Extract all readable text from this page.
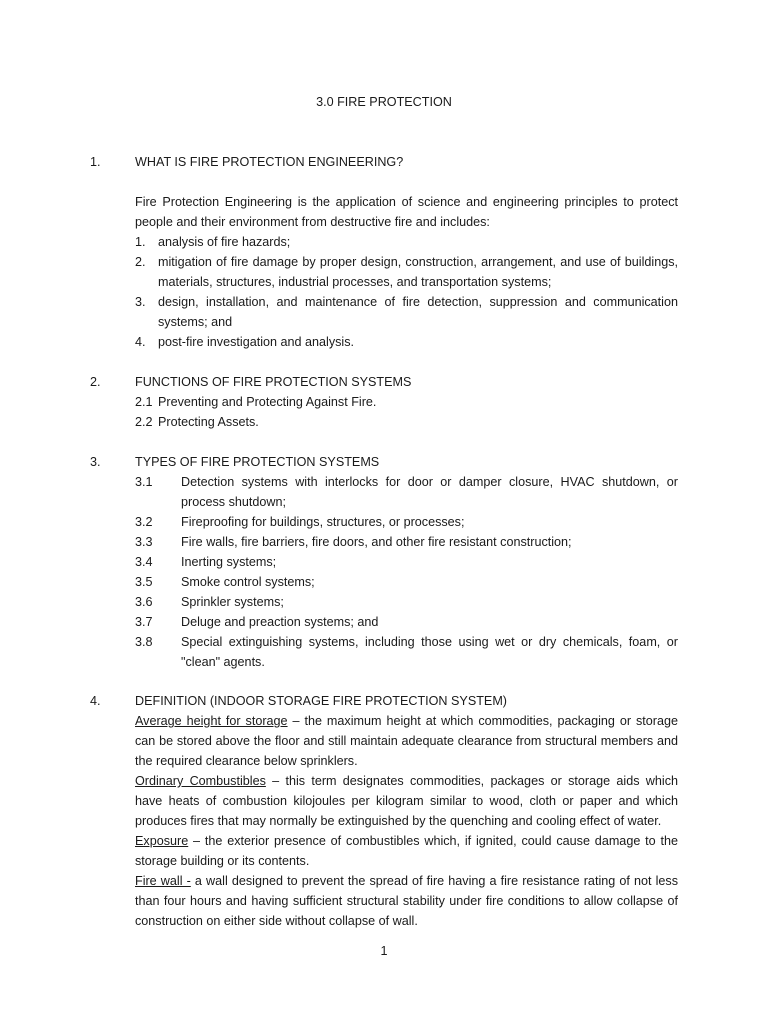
3.0 FIRE PROTECTION
1.	WHAT IS FIRE PROTECTION ENGINEERING?

Fire Protection Engineering is the application of science and engineering principles to protect people and their environment from destructive fire and includes:

1. analysis of fire hazards;
2. mitigation of fire damage by proper design, construction, arrangement, and use of buildings, materials, structures, industrial processes, and transportation systems;
3. design, installation, and maintenance of fire detection, suppression and communication systems; and
4. post-fire investigation and analysis.
2.	FUNCTIONS OF FIRE PROTECTION SYSTEMS
2.1 Preventing and Protecting Against Fire.
2.2 Protecting Assets.
3.	TYPES OF FIRE PROTECTION SYSTEMS
3.1 Detection systems with interlocks for door or damper closure, HVAC shutdown, or process shutdown;
3.2 Fireproofing for buildings, structures, or processes;
3.3 Fire walls, fire barriers, fire doors, and other fire resistant construction;
3.4 Inerting systems;
3.5 Smoke control systems;
3.6 Sprinkler systems;
3.7 Deluge and preaction systems; and
3.8 Special extinguishing systems, including those using wet or dry chemicals, foam, or "clean" agents.
4.	DEFINITION (INDOOR STORAGE FIRE PROTECTION SYSTEM)

Average height for storage – the maximum height at which commodities, packaging or storage can be stored above the floor and still maintain adequate clearance from structural members and the required clearance below sprinklers.

Ordinary Combustibles – this term designates commodities, packages or storage aids which have heats of combustion kilojoules per kilogram similar to wood, cloth or paper and which produces fires that may normally be extinguished by the quenching and cooling effect of water.

Exposure – the exterior presence of combustibles which, if ignited, could cause damage to the storage building or its contents.

Fire wall - a wall designed to prevent the spread of fire having a fire resistance rating of not less than four hours and having sufficient structural stability under fire conditions to allow collapse of construction on either side without collapse of wall.

1
